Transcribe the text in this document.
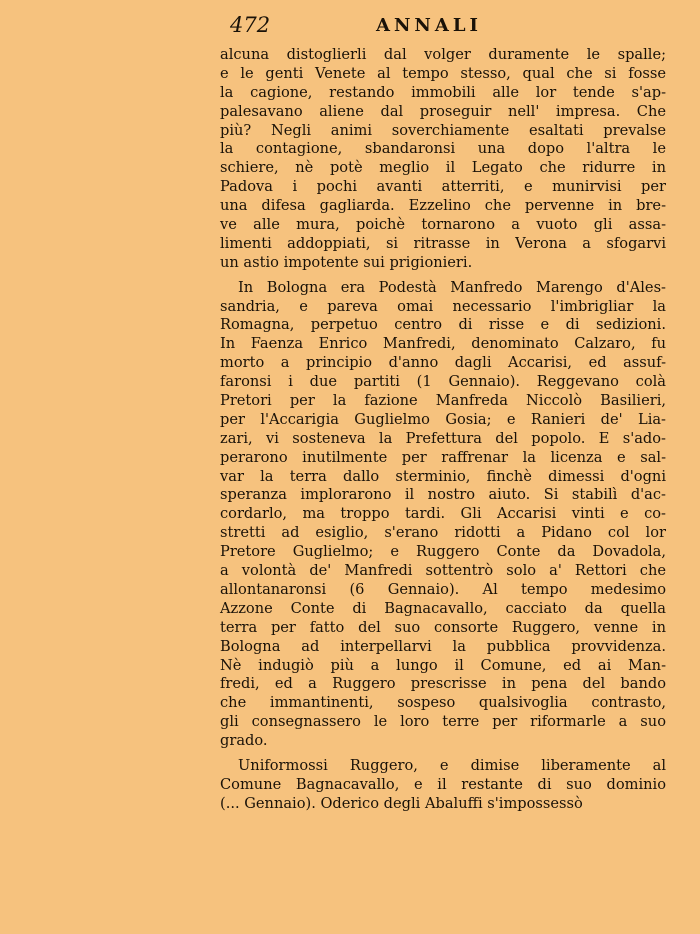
472	ANNALI
alcuna distoglierli dal volger duramente le spalle;
e le genti Venete al tempo stesso, qual che si fosse
la cagione, restando immobili alle lor tende s'ap-
palesavano aliene dal proseguir nell' impresa. Che
più? Negli animi soverchiamente esaltati prevalse
la contagione, sbandaronsi una dopo l'altra le
schiere, nè potè meglio il Legato che ridurre in
Padova i pochi avanti atterriti, e munirvisi per
una difesa gagliarda. Ezzelino che pervenne in bre-
ve alle mura, poichè tornarono a vuoto gli assa-
limenti addoppiati, si ritrasse in Verona a sfogarvi
un astio impotente sui prigionieri.
In Bologna era Podestà Manfredo Marengo d'Ales-
sandria, e pareva omai necessario l'imbrigliar la
Romagna, perpetuo centro di risse e di sedizioni.
In Faenza Enrico Manfredi, denominato Calzaro, fu
morto a principio d'anno dagli Accarisi, ed assuf-
faronsi i due partiti (1 Gennaio). Reggevano colà
Pretori per la fazione Manfreda Niccolò Basilieri,
per l'Accarigia Guglielmo Gosia; e Ranieri de' Lia-
zari, vi sosteneva la Prefettura del popolo. E s'ado-
perarono inutilmente per raffrenar la licenza e sal-
var la terra dallo sterminio, finchè dimessi d'ogni
speranza implorarono il nostro aiuto. Si stabilì d'ac-
cordarlo, ma troppo tardi. Gli Accarisi vinti e co-
stretti ad esiglio, s'erano ridotti a Pidano col lor
Pretore Guglielmo; e Ruggero Conte da Dovadola,
a volontà de' Manfredi sottentrò solo a' Rettori che
allontanaronsi (6 Gennaio). Al tempo medesimo
Azzone Conte di Bagnacavallo, cacciato da quella
terra per fatto del suo consorte Ruggero, venne in
Bologna ad interpellarvi la pubblica provvidenza.
Nè indugiò più a lungo il Comune, ed ai Man-
fredi, ed a Ruggero prescrisse in pena del bando
che immantinenti, sospeso qualsivoglia contrasto,
gli consegnassero le loro terre per riformarle a suo
grado.
Uniformossi Ruggero, e dimise liberamente al
Comune Bagnacavallo, e il restante di suo dominio
(... Gennaio). Oderico degli Abaluffi s'impossessò
